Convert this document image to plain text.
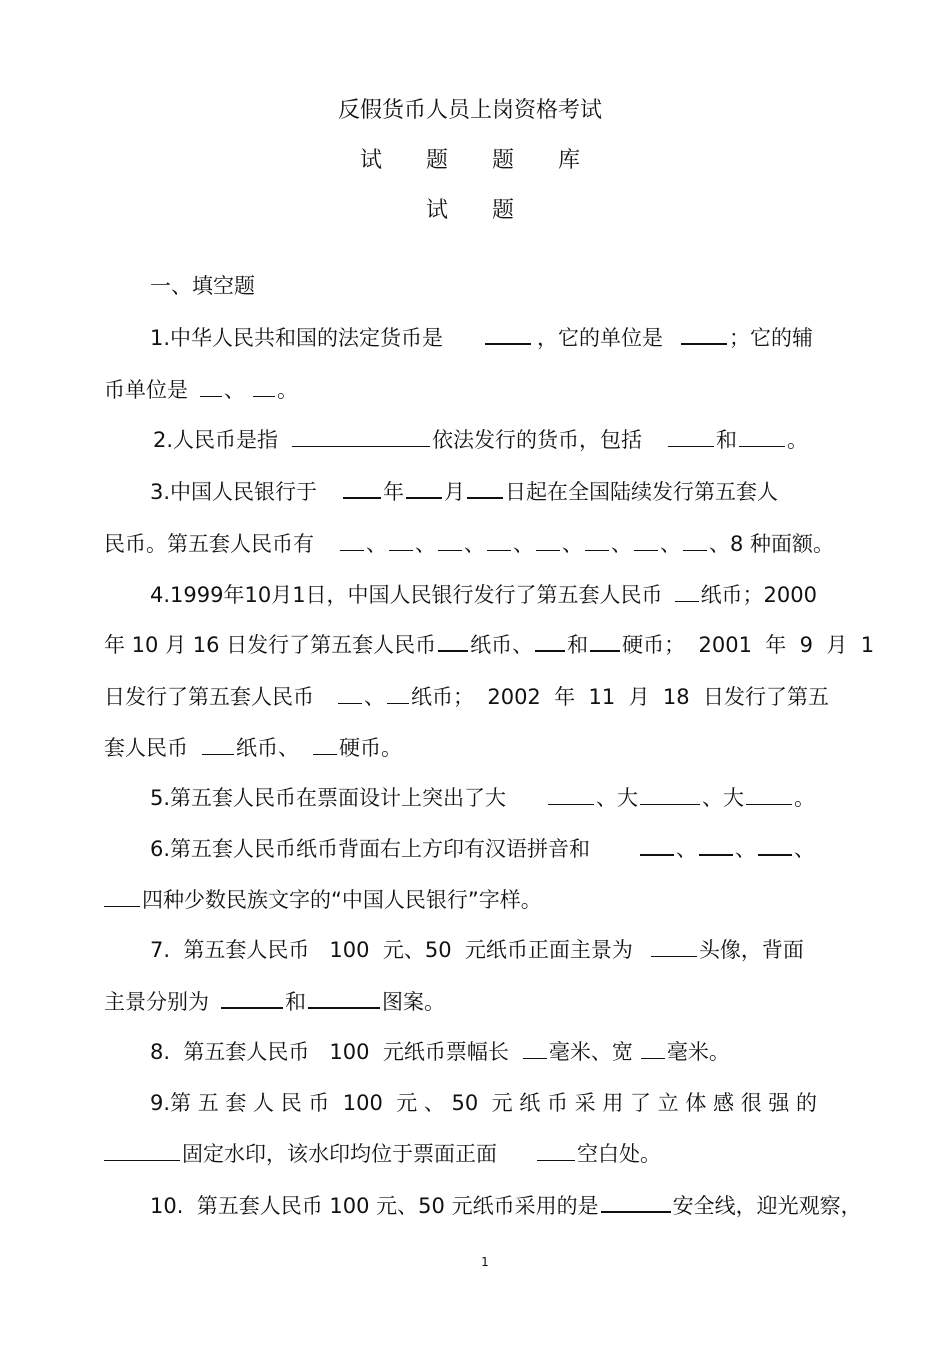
反假货币人员上岗资格考试
试　　题　　题　　库
试　　题
一、填空题
1.中华人民共和国的法定货币是	，它的单位是	；它的辅
币单位是 、 。
2.人民币是指	依法发行的货币，包括	和 。
3.中国人民银行于	年 月 日起在全国陆续发行第五套人
民币。第五套人民币有 、 、 、 、 、 、 、 、8 种面额。
4.1999年10月1日，中国人民银行发行了第五套人民币 纸币；2000
年 10 月 16 日发行了第五套人民币 纸币、 和 硬币；  2001  年  9  月  1
日发行了第五套人民币 、 纸币；  2002  年  11  月  18  日发行了第五
套人民币 纸币、 硬币。
5.第五套人民币在票面设计上突出了大	、大	、大 。
6.第五套人民币纸币背面右上方印有汉语拼音和	、 、 、
四种少数民族文字的“中国人民银行”字样。
7.  第五套人民币   100  元、50  元纸币正面主景为	头像，背面
主景分别为	和	图案。
8.  第五套人民币   100  元纸币票幅长 毫米、宽 毫米。
9.第 五 套 人 民 币  100  元 、 50  元 纸 币 采 用 了 立 体 感 很 强 的
固定水印，该水印均位于票面正面	空白处。
10.  第五套人民币 100 元、50 元纸币采用的是	安全线，迎光观察，
1
